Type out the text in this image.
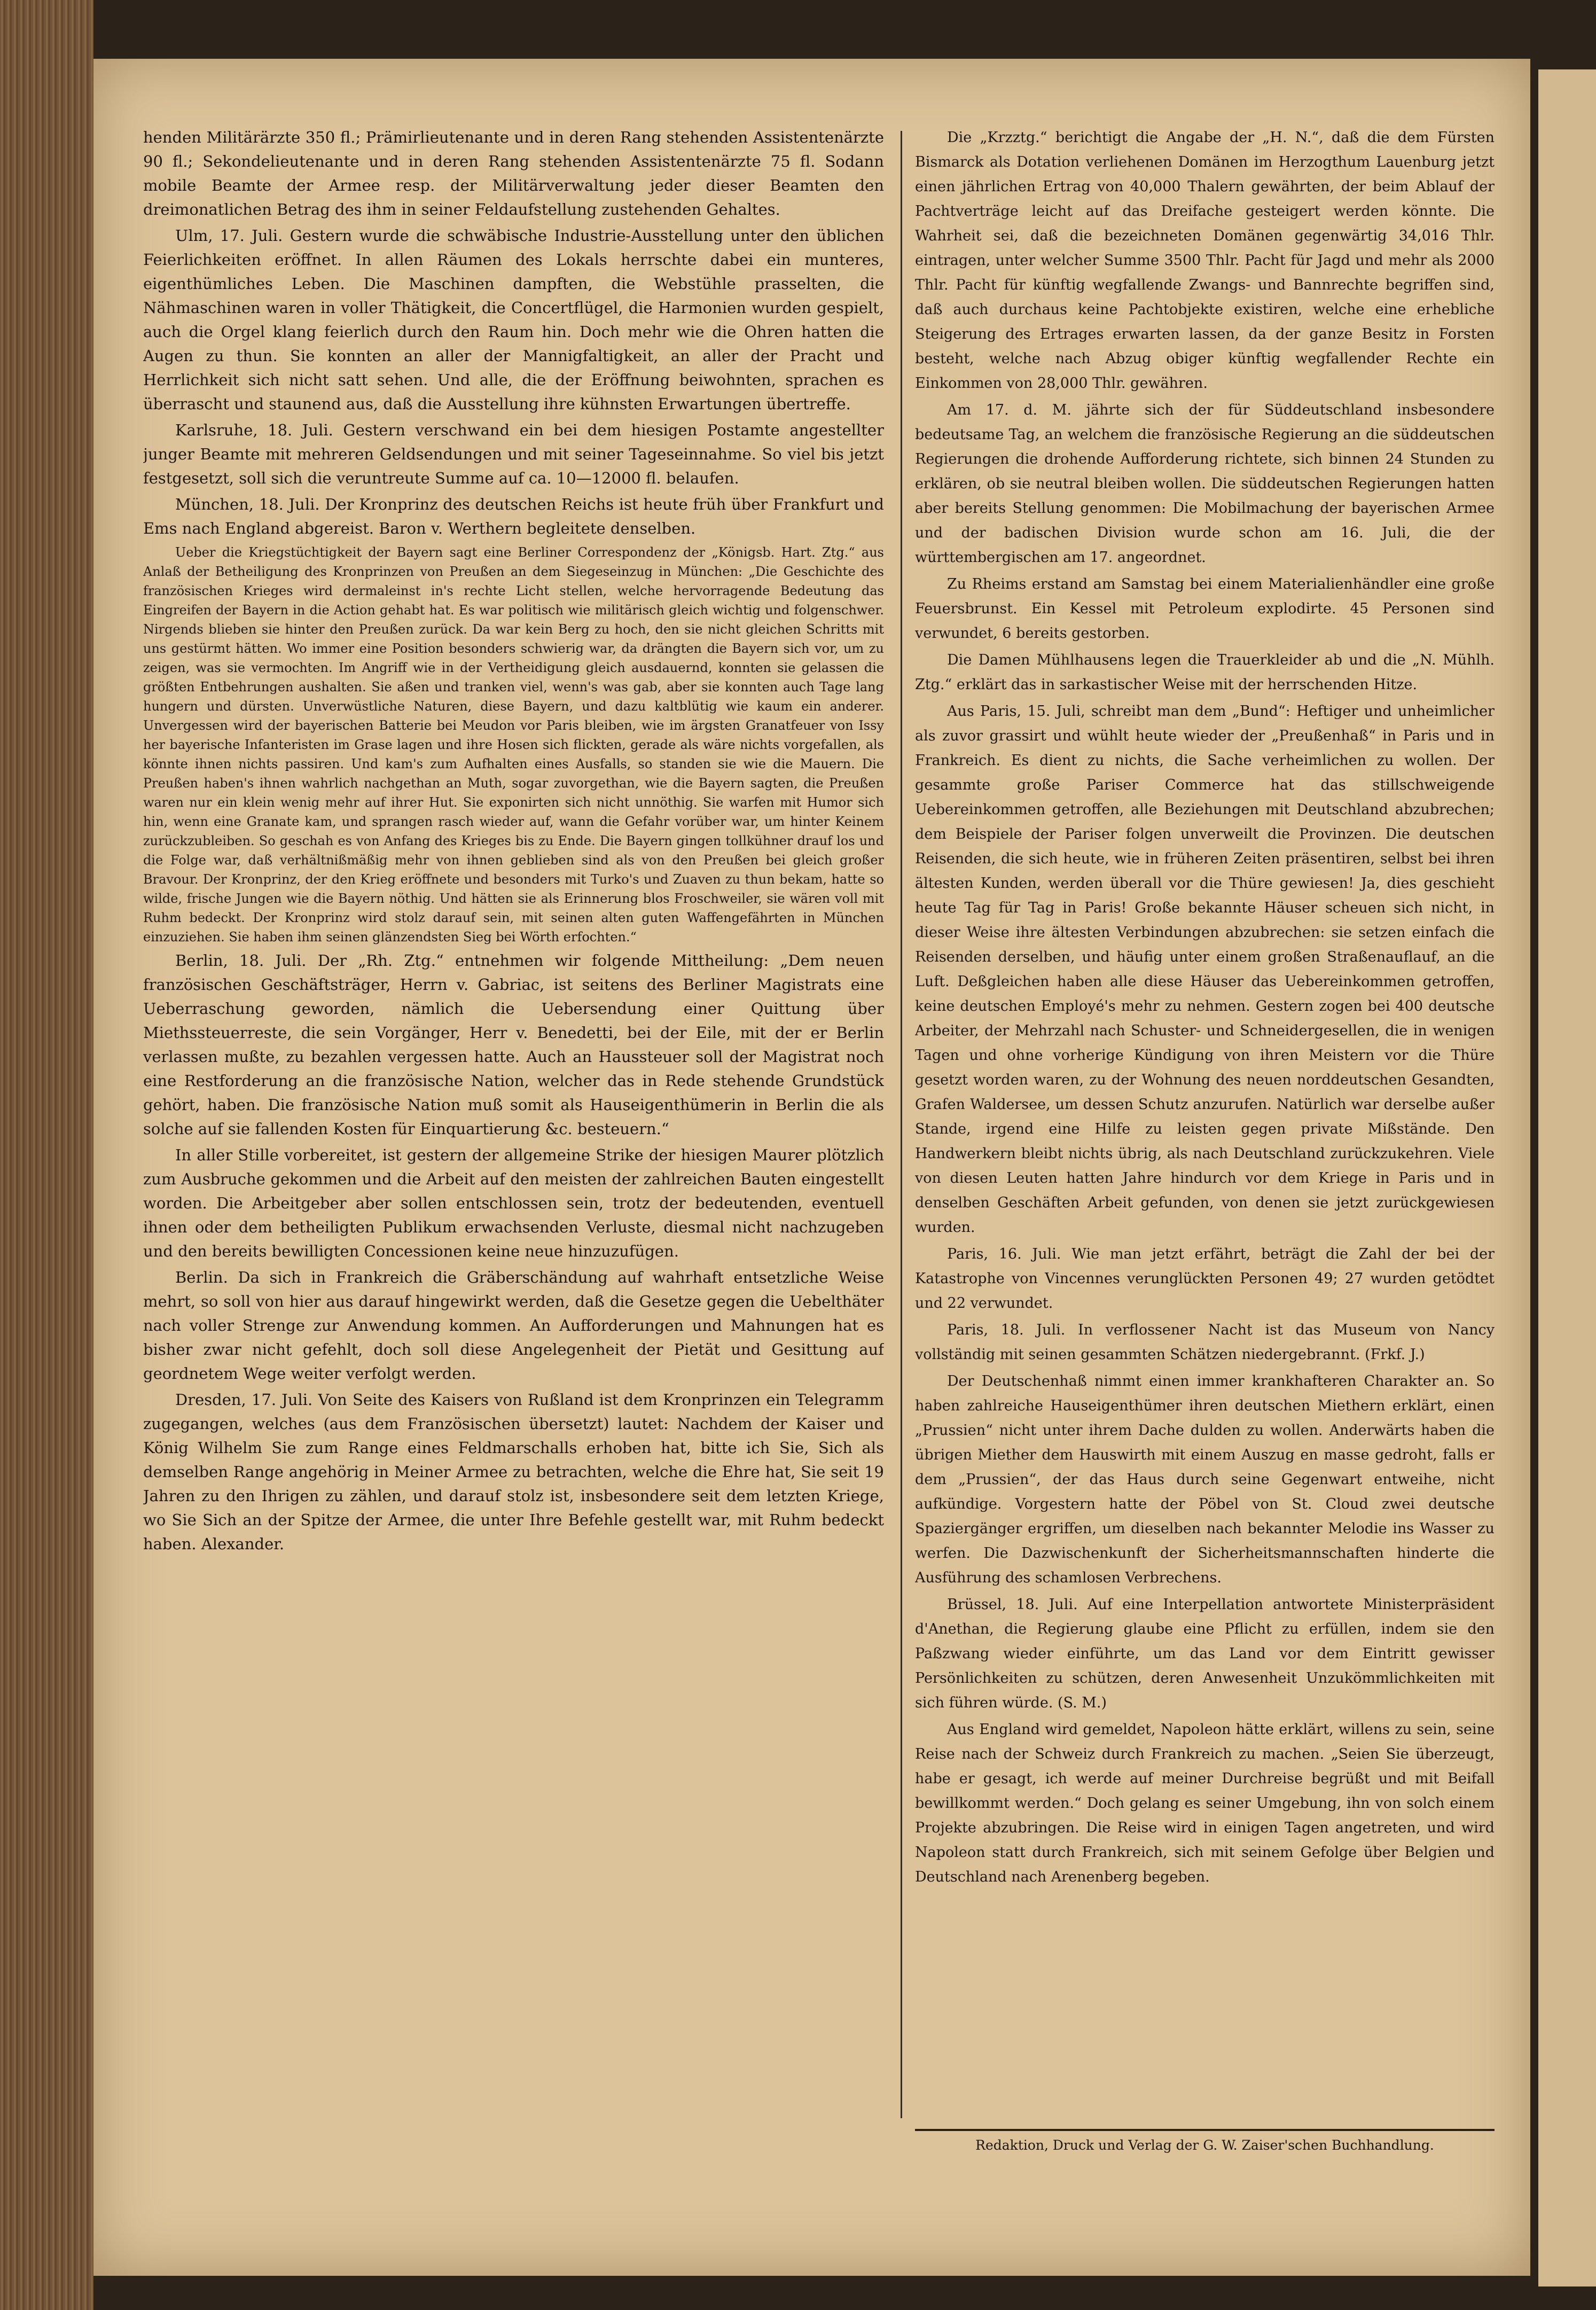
henden Militärärzte 350 fl.; Prämirlieutenante und in deren Rang stehenden Assistentenärzte 90 fl.; Sekondelieutenante und in deren Rang stehenden Assistentenärzte 75 fl. Sodann mobile Beamte der Armee resp. der Militärverwaltung jeder dieser Beamten den dreimonatlichen Betrag des ihm in seiner Feldaufstellung zustehenden Gehaltes.

Ulm, 17. Juli. Gestern wurde die schwäbische Industrie-Ausstellung unter den üblichen Feierlichkeiten eröffnet. In allen Räumen des Lokals herrschte dabei ein munteres, eigenthümliches Leben. Die Maschinen dampften, die Webstühle prasselten, die Nähmaschinen waren in voller Thätigkeit, die Concertflügel, die Harmonien wurden gespielt, auch die Orgel klang feierlich durch den Raum hin. Doch mehr wie die Ohren hatten die Augen zu thun. Sie konnten an aller der Mannigfaltigkeit, an aller der Pracht und Herrlichkeit sich nicht satt sehen. Und alle, die der Eröffnung beiwohnten, sprachen es überrascht und staunend aus, daß die Ausstellung ihre kühnsten Erwartungen übertreffe.

Karlsruhe, 18. Juli. Gestern verschwand ein bei dem hiesigen Postamte angestellter junger Beamte mit mehreren Geldsendungen und mit seiner Tageseinnahme. So viel bis jetzt festgesetzt, soll sich die veruntreute Summe auf ca. 10—12000 fl. belaufen.

München, 18. Juli. Der Kronprinz des deutschen Reichs ist heute früh über Frankfurt und Ems nach England abgereist. Baron v. Werthern begleitete denselben.

Ueber die Kriegstüchtigkeit der Bayern sagt eine Berliner Correspondenz der „Königsb. Hart. Ztg.“ aus Anlaß der Betheiligung des Kronprinzen von Preußen an dem Siegeseinzug in München: „Die Geschichte des französischen Krieges wird dermaleinst in's rechte Licht stellen, welche hervorragende Bedeutung das Eingreifen der Bayern in die Action gehabt hat. Es war politisch wie militärisch gleich wichtig und folgenschwer. Nirgends blieben sie hinter den Preußen zurück. Da war kein Berg zu hoch, den sie nicht gleichen Schritts mit uns gestürmt hätten. Wo immer eine Position besonders schwierig war, da drängten die Bayern sich vor, um zu zeigen, was sie vermochten. Im Angriff wie in der Vertheidigung gleich ausdauernd, konnten sie gelassen die größten Entbehrungen aushalten. Sie aßen und tranken viel, wenn's was gab, aber sie konnten auch Tage lang hungern und dürsten. Unverwüstliche Naturen, diese Bayern, und dazu kaltblütig wie kaum ein anderer. Unvergessen wird der bayerischen Batterie bei Meudon vor Paris bleiben, wie im ärgsten Granatfeuer von Issy her bayerische Infanteristen im Grase lagen und ihre Hosen sich flickten, gerade als wäre nichts vorgefallen, als könnte ihnen nichts passiren. Und kam's zum Aufhalten eines Ausfalls, so standen sie wie die Mauern. Die Preußen haben's ihnen wahrlich nachgethan an Muth, sogar zuvorgethan, wie die Bayern sagten, die Preußen waren nur ein klein wenig mehr auf ihrer Hut. Sie exponirten sich nicht unnöthig. Sie warfen mit Humor sich hin, wenn eine Granate kam, und sprangen rasch wieder auf, wann die Gefahr vorüber war, um hinter Keinem zurückzubleiben. So geschah es von Anfang des Krieges bis zu Ende. Die Bayern gingen tollkühner drauf los und die Folge war, daß verhältnißmäßig mehr von ihnen geblieben sind als von den Preußen bei gleich großer Bravour. Der Kronprinz, der den Krieg eröffnete und besonders mit Turko's und Zuaven zu thun bekam, hatte so wilde, frische Jungen wie die Bayern nöthig. Und hätten sie als Erinnerung blos Froschweiler, sie wären voll mit Ruhm bedeckt. Der Kronprinz wird stolz darauf sein, mit seinen alten guten Waffengefährten in München einzuziehen. Sie haben ihm seinen glänzendsten Sieg bei Wörth erfochten.“

Berlin, 18. Juli. Der „Rh. Ztg.“ entnehmen wir folgende Mittheilung: „Dem neuen französischen Geschäftsträger, Herrn v. Gabriac, ist seitens des Berliner Magistrats eine Ueberraschung geworden, nämlich die Uebersendung einer Quittung über Miethssteuerreste, die sein Vorgänger, Herr v. Benedetti, bei der Eile, mit der er Berlin verlassen mußte, zu bezahlen vergessen hatte. Auch an Haussteuer soll der Magistrat noch eine Restforderung an die französische Nation, welcher das in Rede stehende Grundstück gehört, haben. Die französische Nation muß somit als Hauseigenthümerin in Berlin die als solche auf sie fallenden Kosten für Einquartierung &c. besteuern.“

In aller Stille vorbereitet, ist gestern der allgemeine Strike der hiesigen Maurer plötzlich zum Ausbruche gekommen und die Arbeit auf den meisten der zahlreichen Bauten eingestellt worden. Die Arbeitgeber aber sollen entschlossen sein, trotz der bedeutenden, eventuell ihnen oder dem betheiligten Publikum erwachsenden Verluste, diesmal nicht nachzugeben und den bereits bewilligten Concessionen keine neue hinzuzufügen.

Berlin. Da sich in Frankreich die Gräberschändung auf wahrhaft entsetzliche Weise mehrt, so soll von hier aus darauf hingewirkt werden, daß die Gesetze gegen die Uebelthäter nach voller Strenge zur Anwendung kommen. An Aufforderungen und Mahnungen hat es bisher zwar nicht gefehlt, doch soll diese Angelegenheit der Pietät und Gesittung auf geordnetem Wege weiter verfolgt werden.

Dresden, 17. Juli. Von Seite des Kaisers von Rußland ist dem Kronprinzen ein Telegramm zugegangen, welches (aus dem Französischen übersetzt) lautet: Nachdem der Kaiser und König Wilhelm Sie zum Range eines Feldmarschalls erhoben hat, bitte ich Sie, Sich als demselben Range angehörig in Meiner Armee zu betrachten, welche die Ehre hat, Sie seit 19 Jahren zu den Ihrigen zu zählen, und darauf stolz ist, insbesondere seit dem letzten Kriege, wo Sie Sich an der Spitze der Armee, die unter Ihre Befehle gestellt war, mit Ruhm bedeckt haben. Alexander.

Die „Krzztg.“ berichtigt die Angabe der „H. N.“, daß die dem Fürsten Bismarck als Dotation verliehenen Domänen im Herzogthum Lauenburg jetzt einen jährlichen Ertrag von 40,000 Thalern gewährten, der beim Ablauf der Pachtverträge leicht auf das Dreifache gesteigert werden könnte. Die Wahrheit sei, daß die bezeichneten Domänen gegenwärtig 34,016 Thlr. eintragen, unter welcher Summe 3500 Thlr. Pacht für Jagd und mehr als 2000 Thlr. Pacht für künftig wegfallende Zwangs- und Bannrechte begriffen sind, daß auch durchaus keine Pachtobjekte existiren, welche eine erhebliche Steigerung des Ertrages erwarten lassen, da der ganze Besitz in Forsten besteht, welche nach Abzug obiger künftig wegfallender Rechte ein Einkommen von 28,000 Thlr. gewähren.

Am 17. d. M. jährte sich der für Süddeutschland insbesondere bedeutsame Tag, an welchem die französische Regierung an die süddeutschen Regierungen die drohende Aufforderung richtete, sich binnen 24 Stunden zu erklären, ob sie neutral bleiben wollen. Die süddeutschen Regierungen hatten aber bereits Stellung genommen: Die Mobilmachung der bayerischen Armee und der badischen Division wurde schon am 16. Juli, die der württembergischen am 17. angeordnet.

Zu Rheims erstand am Samstag bei einem Materialienhändler eine große Feuersbrunst. Ein Kessel mit Petroleum explodirte. 45 Personen sind verwundet, 6 bereits gestorben.

Die Damen Mühlhausens legen die Trauerkleider ab und die „N. Mühlh. Ztg.“ erklärt das in sarkastischer Weise mit der herrschenden Hitze.

Aus Paris, 15. Juli, schreibt man dem „Bund“: Heftiger und unheimlicher als zuvor grassirt und wühlt heute wieder der „Preußenhaß“ in Paris und in Frankreich. Es dient zu nichts, die Sache verheimlichen zu wollen. Der gesammte große Pariser Commerce hat das stillschweigende Uebereinkommen getroffen, alle Beziehungen mit Deutschland abzubrechen; dem Beispiele der Pariser folgen unverweilt die Provinzen. Die deutschen Reisenden, die sich heute, wie in früheren Zeiten präsentiren, selbst bei ihren ältesten Kunden, werden überall vor die Thüre gewiesen! Ja, dies geschieht heute Tag für Tag in Paris! Große bekannte Häuser scheuen sich nicht, in dieser Weise ihre ältesten Verbindungen abzubrechen: sie setzen einfach die Reisenden derselben, und häufig unter einem großen Straßenauflauf, an die Luft. Deßgleichen haben alle diese Häuser das Uebereinkommen getroffen, keine deutschen Employé's mehr zu nehmen. Gestern zogen bei 400 deutsche Arbeiter, der Mehrzahl nach Schuster- und Schneidergesellen, die in wenigen Tagen und ohne vorherige Kündigung von ihren Meistern vor die Thüre gesetzt worden waren, zu der Wohnung des neuen norddeutschen Gesandten, Grafen Waldersee, um dessen Schutz anzurufen. Natürlich war derselbe außer Stande, irgend eine Hilfe zu leisten gegen private Mißstände. Den Handwerkern bleibt nichts übrig, als nach Deutschland zurückzukehren. Viele von diesen Leuten hatten Jahre hindurch vor dem Kriege in Paris und in denselben Geschäften Arbeit gefunden, von denen sie jetzt zurückgewiesen wurden.

Paris, 16. Juli. Wie man jetzt erfährt, beträgt die Zahl der bei der Katastrophe von Vincennes verunglückten Personen 49; 27 wurden getödtet und 22 verwundet.

Paris, 18. Juli. In verflossener Nacht ist das Museum von Nancy vollständig mit seinen gesammten Schätzen niedergebrannt. (Frkf. J.)

Der Deutschenhaß nimmt einen immer krankhafteren Charakter an. So haben zahlreiche Hauseigenthümer ihren deutschen Miethern erklärt, einen „Prussien“ nicht unter ihrem Dache dulden zu wollen. Anderwärts haben die übrigen Miether dem Hauswirth mit einem Auszug en masse gedroht, falls er dem „Prussien“, der das Haus durch seine Gegenwart entweihe, nicht aufkündige. Vorgestern hatte der Pöbel von St. Cloud zwei deutsche Spaziergänger ergriffen, um dieselben nach bekannter Melodie ins Wasser zu werfen. Die Dazwischenkunft der Sicherheitsmannschaften hinderte die Ausführung des schamlosen Verbrechens.

Brüssel, 18. Juli. Auf eine Interpellation antwortete Ministerpräsident d'Anethan, die Regierung glaube eine Pflicht zu erfüllen, indem sie den Paßzwang wieder einführte, um das Land vor dem Eintritt gewisser Persönlichkeiten zu schützen, deren Anwesenheit Unzukömmlichkeiten mit sich führen würde. (S. M.)

Aus England wird gemeldet, Napoleon hätte erklärt, willens zu sein, seine Reise nach der Schweiz durch Frankreich zu machen. „Seien Sie überzeugt, habe er gesagt, ich werde auf meiner Durchreise begrüßt und mit Beifall bewillkommt werden.“ Doch gelang es seiner Umgebung, ihn von solch einem Projekte abzubringen. Die Reise wird in einigen Tagen angetreten, und wird Napoleon statt durch Frankreich, sich mit seinem Gefolge über Belgien und Deutschland nach Arenenberg begeben.

Redaktion, Druck und Verlag der G. W. Zaiser'schen Buchhandlung.
